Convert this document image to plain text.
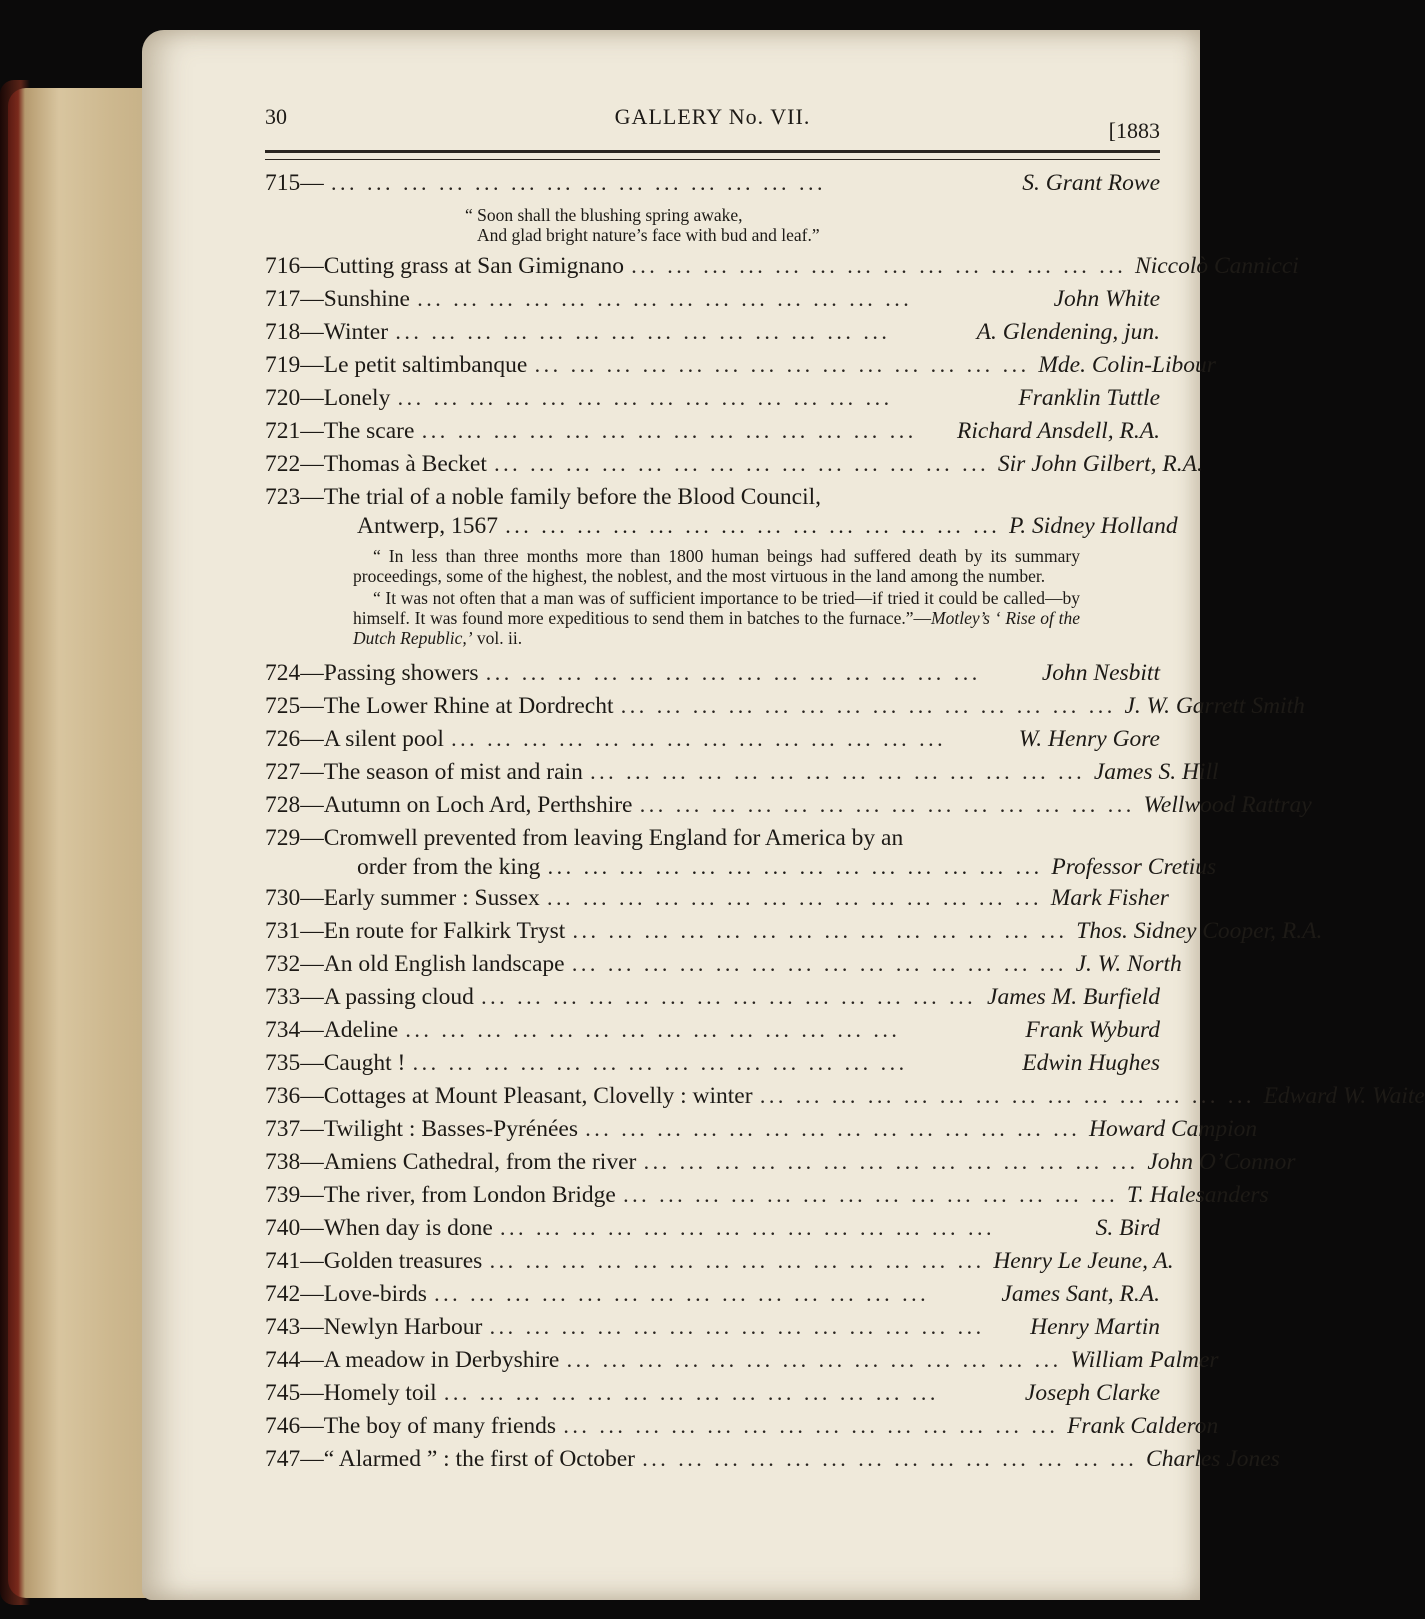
30	GALLERY No. VII.
[1883
715— ... ... ... ... ... ... ... ... ... ... ... ... ... ...	S. Grant Rowe
“ Soon shall the blushing spring awake,
And glad bright nature’s face with bud and leaf.”
716—Cutting grass at San Gimignano ... ... ... ... ... ... ... ... ... ... ... ... ... ... Niccolò Cannicci
717—Sunshine ... ... ... ... ... ... ... ... ... ... ... ... ... ...	John White
718—Winter ... ... ... ... ... ... ... ... ... ... ... ... ... ...	A. Glendening, jun.
719—Le petit saltimbanque ... ... ... ... ... ... ... ... ... ... ... ... ... ... Mde. Colin-Libour
720—Lonely ... ... ... ... ... ... ... ... ... ... ... ... ... ...	Franklin Tuttle
721—The scare ... ... ... ... ... ... ... ... ... ... ... ... ... ...	Richard Ansdell, R.A.
722—Thomas à Becket ... ... ... ... ... ... ... ... ... ... ... ... ... ... Sir John Gilbert, R.A.
723—The trial of a noble family before the Blood Council,
Antwerp, 1567 ... ... ... ... ... ... ... ... ... ... ... ... ... ... P. Sidney Holland

“ In less than three months more than 1800 human beings had suffered death by its summary proceedings, some of the highest, the noblest, and the most virtuous in the land among the number.

“ It was not often that a man was of sufficient importance to be tried—if tried it could be called—by himself. It was found more expeditious to send them in batches to the furnace.”—Motley’s ‘ Rise of the Dutch Republic,’ vol. ii.

724—Passing showers ... ... ... ... ... ... ... ... ... ... ... ... ... ...	John Nesbitt
725—The Lower Rhine at Dordrecht ... ... ... ... ... ... ... ... ... ... ... ... ... ... J. W. Garrett Smith
726—A silent pool ... ... ... ... ... ... ... ... ... ... ... ... ... ...	W. Henry Gore
727—The season of mist and rain ... ... ... ... ... ... ... ... ... ... ... ... ... ... James S. Hill
728—Autumn on Loch Ard, Perthshire ... ... ... ... ... ... ... ... ... ... ... ... ... ... Wellwood Rattray
729—Cromwell prevented from leaving England for America by an
order from the king ... ... ... ... ... ... ... ... ... ... ... ... ... ... Professor Cretius
730—Early summer : Sussex ... ... ... ... ... ... ... ... ... ... ... ... ... ... Mark Fisher
731—En route for Falkirk Tryst ... ... ... ... ... ... ... ... ... ... ... ... ... ... Thos. Sidney Cooper, R.A.
732—An old English landscape ... ... ... ... ... ... ... ... ... ... ... ... ... ... J. W. North
733—A passing cloud ... ... ... ... ... ... ... ... ... ... ... ... ... ... James M. Burfield
734—Adeline ... ... ... ... ... ... ... ... ... ... ... ... ... ...	Frank Wyburd
735—Caught ! ... ... ... ... ... ... ... ... ... ... ... ... ... ...	Edwin Hughes
736—Cottages at Mount Pleasant, Clovelly : winter ... ... ... ... ... ... ... ... ... ... ... ... ... ... Edward W. Waite
737—Twilight : Basses-Pyrénées ... ... ... ... ... ... ... ... ... ... ... ... ... ... Howard Campion
738—Amiens Cathedral, from the river ... ... ... ... ... ... ... ... ... ... ... ... ... ... John O’Connor
739—The river, from London Bridge ... ... ... ... ... ... ... ... ... ... ... ... ... ... T. Halesanders
740—When day is done ... ... ... ... ... ... ... ... ... ... ... ... ... ...	S. Bird
741—Golden treasures ... ... ... ... ... ... ... ... ... ... ... ... ... ... Henry Le Jeune, A.
742—Love-birds ... ... ... ... ... ... ... ... ... ... ... ... ... ...	James Sant, R.A.
743—Newlyn Harbour ... ... ... ... ... ... ... ... ... ... ... ... ... ...	Henry Martin
744—A meadow in Derbyshire ... ... ... ... ... ... ... ... ... ... ... ... ... ... William Palmer
745—Homely toil ... ... ... ... ... ... ... ... ... ... ... ... ... ...	Joseph Clarke
746—The boy of many friends ... ... ... ... ... ... ... ... ... ... ... ... ... ... Frank Calderon
747—“ Alarmed ” : the first of October ... ... ... ... ... ... ... ... ... ... ... ... ... ... Charles Jones
